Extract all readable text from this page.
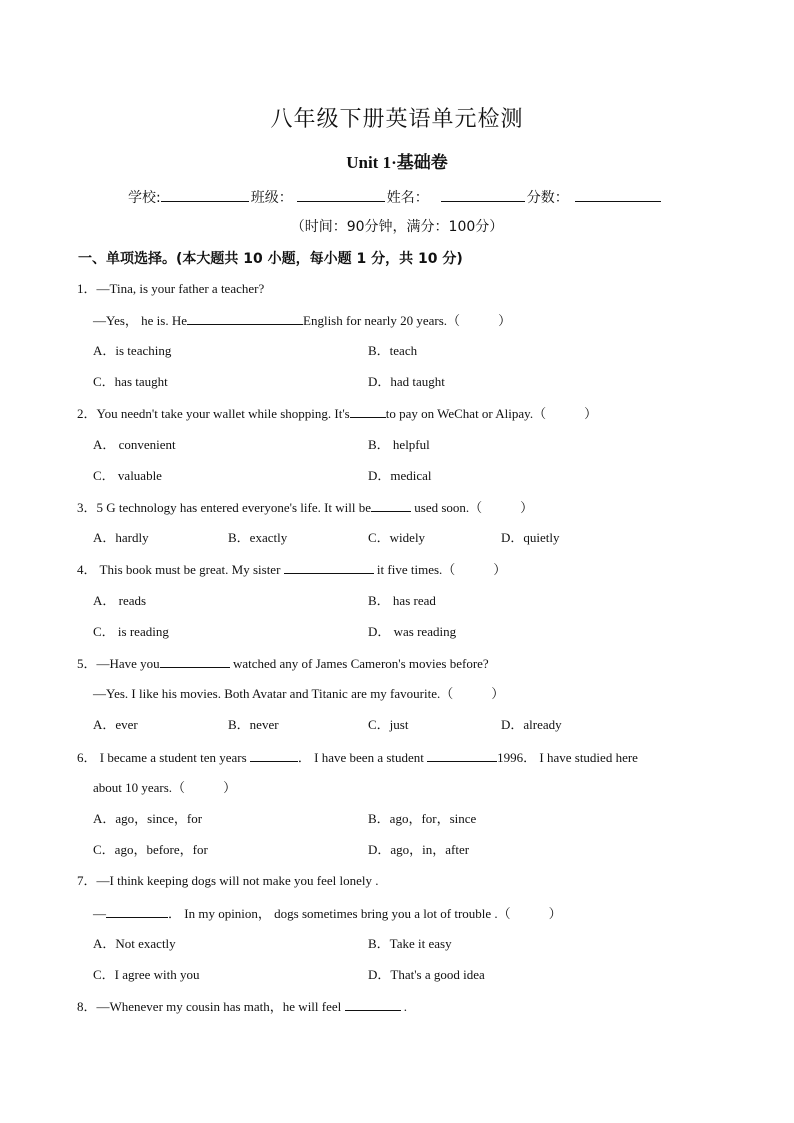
八年级下册英语单元检测
Unit 1·基础卷
学校:	班级：	姓名：	分数：
（时间：90分钟，满分：100分）
一、单项选择。(本大题共 10 小题，每小题 1 分，共 10 分)
1．—Tina, is your father a teacher?
—Yes， he is. He	English for nearly 20 years.（	）
A．is teaching	B．teach
C．has taught	D．had taught
2．You needn't take your wallet while shopping. It's	to pay on WeChat or Alipay.（	）
A． convenient	B． helpful
C． valuable	D．medical
3．5 G technology has entered everyone's life. It will be	used soon.（	）
A．hardly	B．exactly	C．widely	D．quietly
4． This book must be great. My sister	it five times.（	）
A． reads	B． has read
C． is reading	D． was reading
5．—Have you	watched any of James Cameron's movies before?
—Yes. I like his movies. Both Avatar and Titanic are my favourite.（	）
A．ever	B．never	C．just	D．already
6． I became a student ten years	． I have been a student	1996． I have studied here
about 10 years.（	）
A．ago，since，for	B．ago，for，since
C．ago，before，for	D．ago，in，after
7．—I think keeping dogs will not make you feel lonely .
—	． In my opinion， dogs sometimes bring you a lot of trouble .（	）
A．Not exactly	B．Take it easy
C．I agree with you	D．That's a good idea
8．—Whenever my cousin has math，he will feel	.
